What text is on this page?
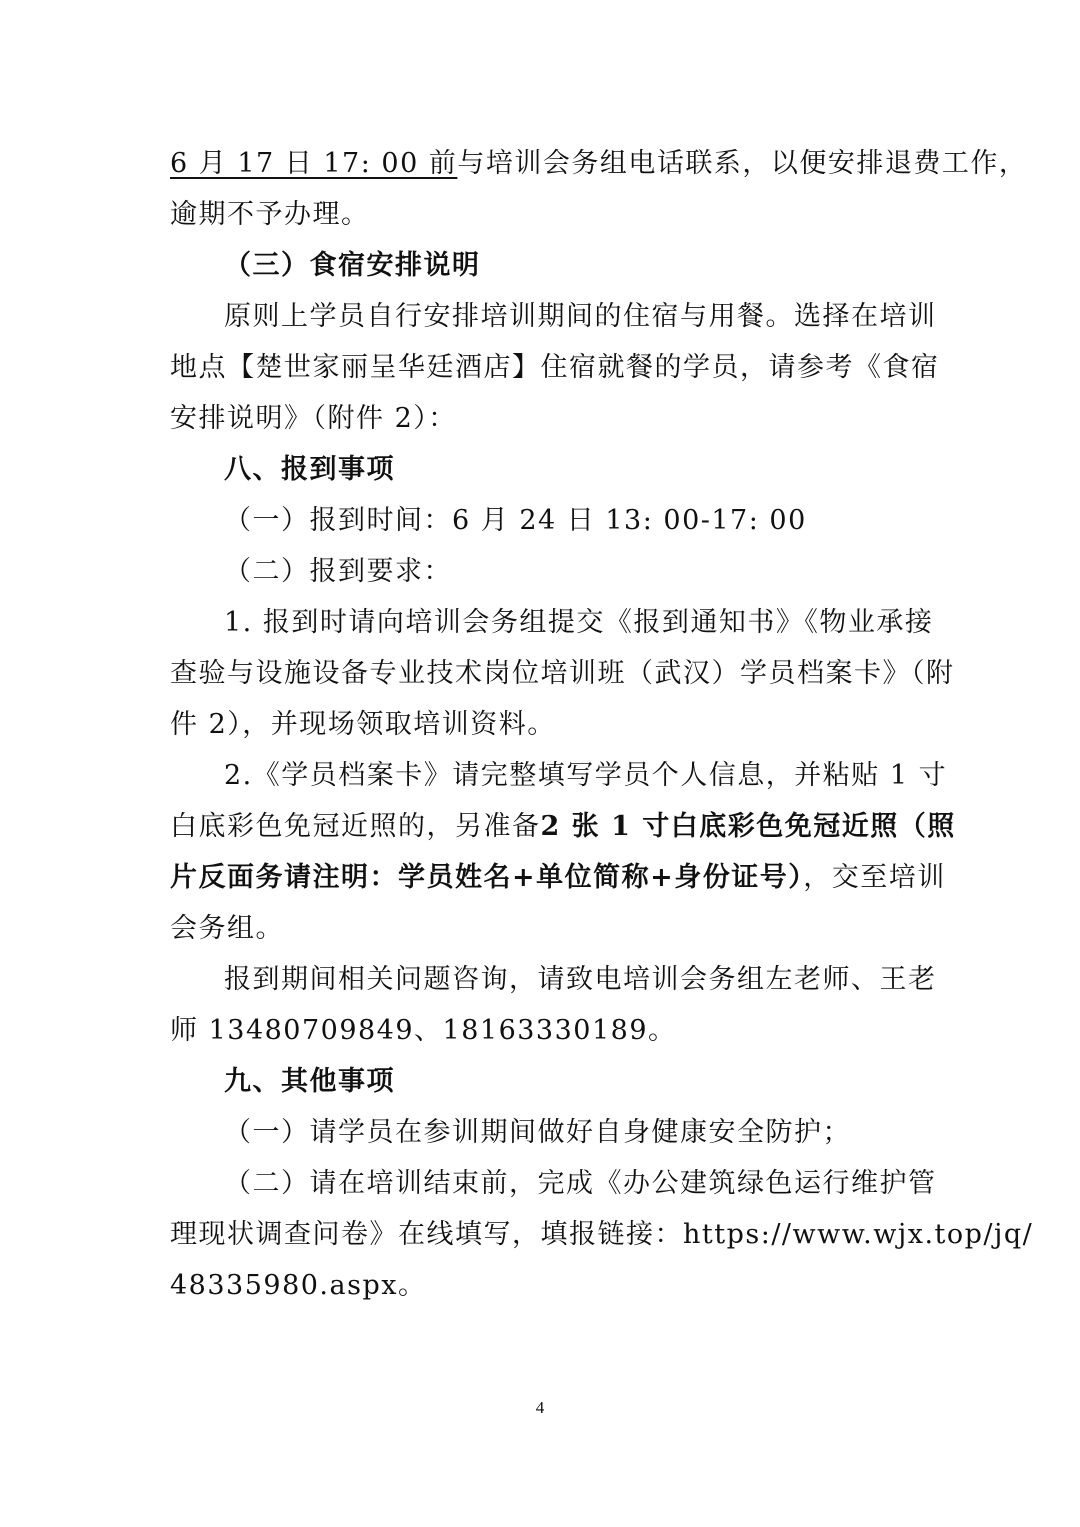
6 月 17 日 17: 00 前与培训会务组电话联系，以便安排退费工作，
逾期不予办理。
（三）食宿安排说明
原则上学员自行安排培训期间的住宿与用餐。选择在培训
地点【楚世家丽呈华廷酒店】住宿就餐的学员，请参考《食宿
安排说明》（附件 2）：
八、报到事项
（一）报到时间：6 月 24 日 13: 00-17: 00
（二）报到要求：
1. 报到时请向培训会务组提交《报到通知书》《物业承接
查验与设施设备专业技术岗位培训班（武汉）学员档案卡》（附
件 2），并现场领取培训资料。
2.《学员档案卡》请完整填写学员个人信息，并粘贴 1 寸
白底彩色免冠近照的，另准备2 张 1 寸白底彩色免冠近照（照
片反面务请注明：学员姓名+单位简称+身份证号），交至培训
会务组。
报到期间相关问题咨询，请致电培训会务组左老师、王老
师 13480709849、18163330189。
九、其他事项
（一）请学员在参训期间做好自身健康安全防护；
（二）请在培训结束前，完成《办公建筑绿色运行维护管
理现状调查问卷》在线填写，填报链接：https://www.wjx.top/jq/
48335980.aspx。
4
